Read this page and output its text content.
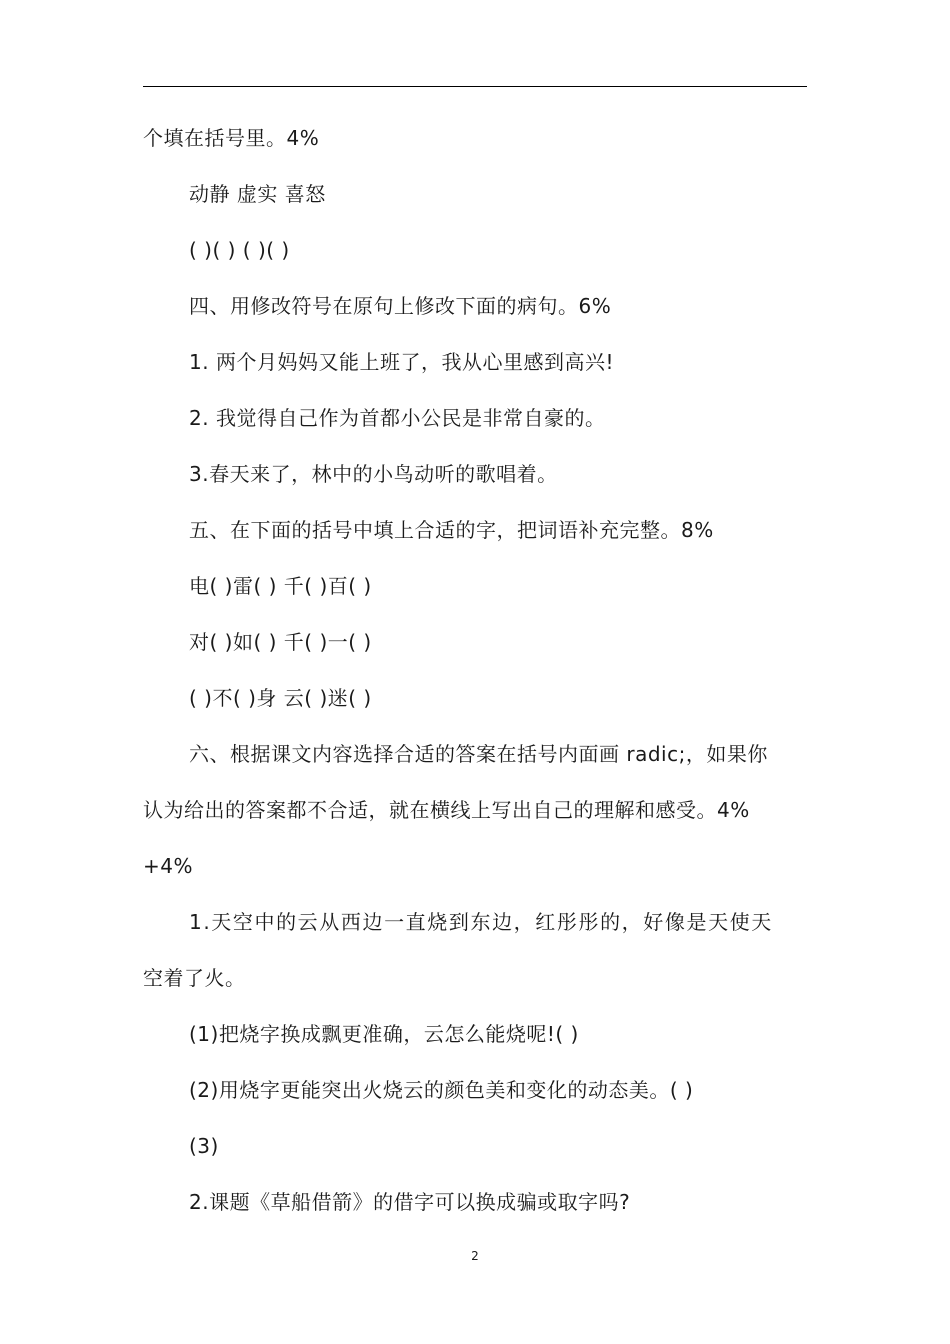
个填在括号里。4%
动静 虚实 喜怒
( )( ) ( )( )
四、用修改符号在原句上修改下面的病句。6%
1. 两个月妈妈又能上班了，我从心里感到高兴!
2. 我觉得自己作为首都小公民是非常自豪的。
3.春天来了，林中的小鸟动听的歌唱着。
五、在下面的括号中填上合适的字，把词语补充完整。8%
电( )雷( ) 千( )百( )
对( )如( ) 千( )一( )
( )不( )身 云( )迷( )
六、根据课文内容选择合适的答案在括号内面画 radic;，如果你
认为给出的答案都不合适，就在横线上写出自己的理解和感受。4%
+4%
1.天空中的云从西边一直烧到东边，红彤彤的，好像是天使天
空着了火。
(1)把烧字换成飘更准确，云怎么能烧呢!( )
(2)用烧字更能突出火烧云的颜色美和变化的动态美。( )
(3)
2.课题《草船借箭》的借字可以换成骗或取字吗?
2
